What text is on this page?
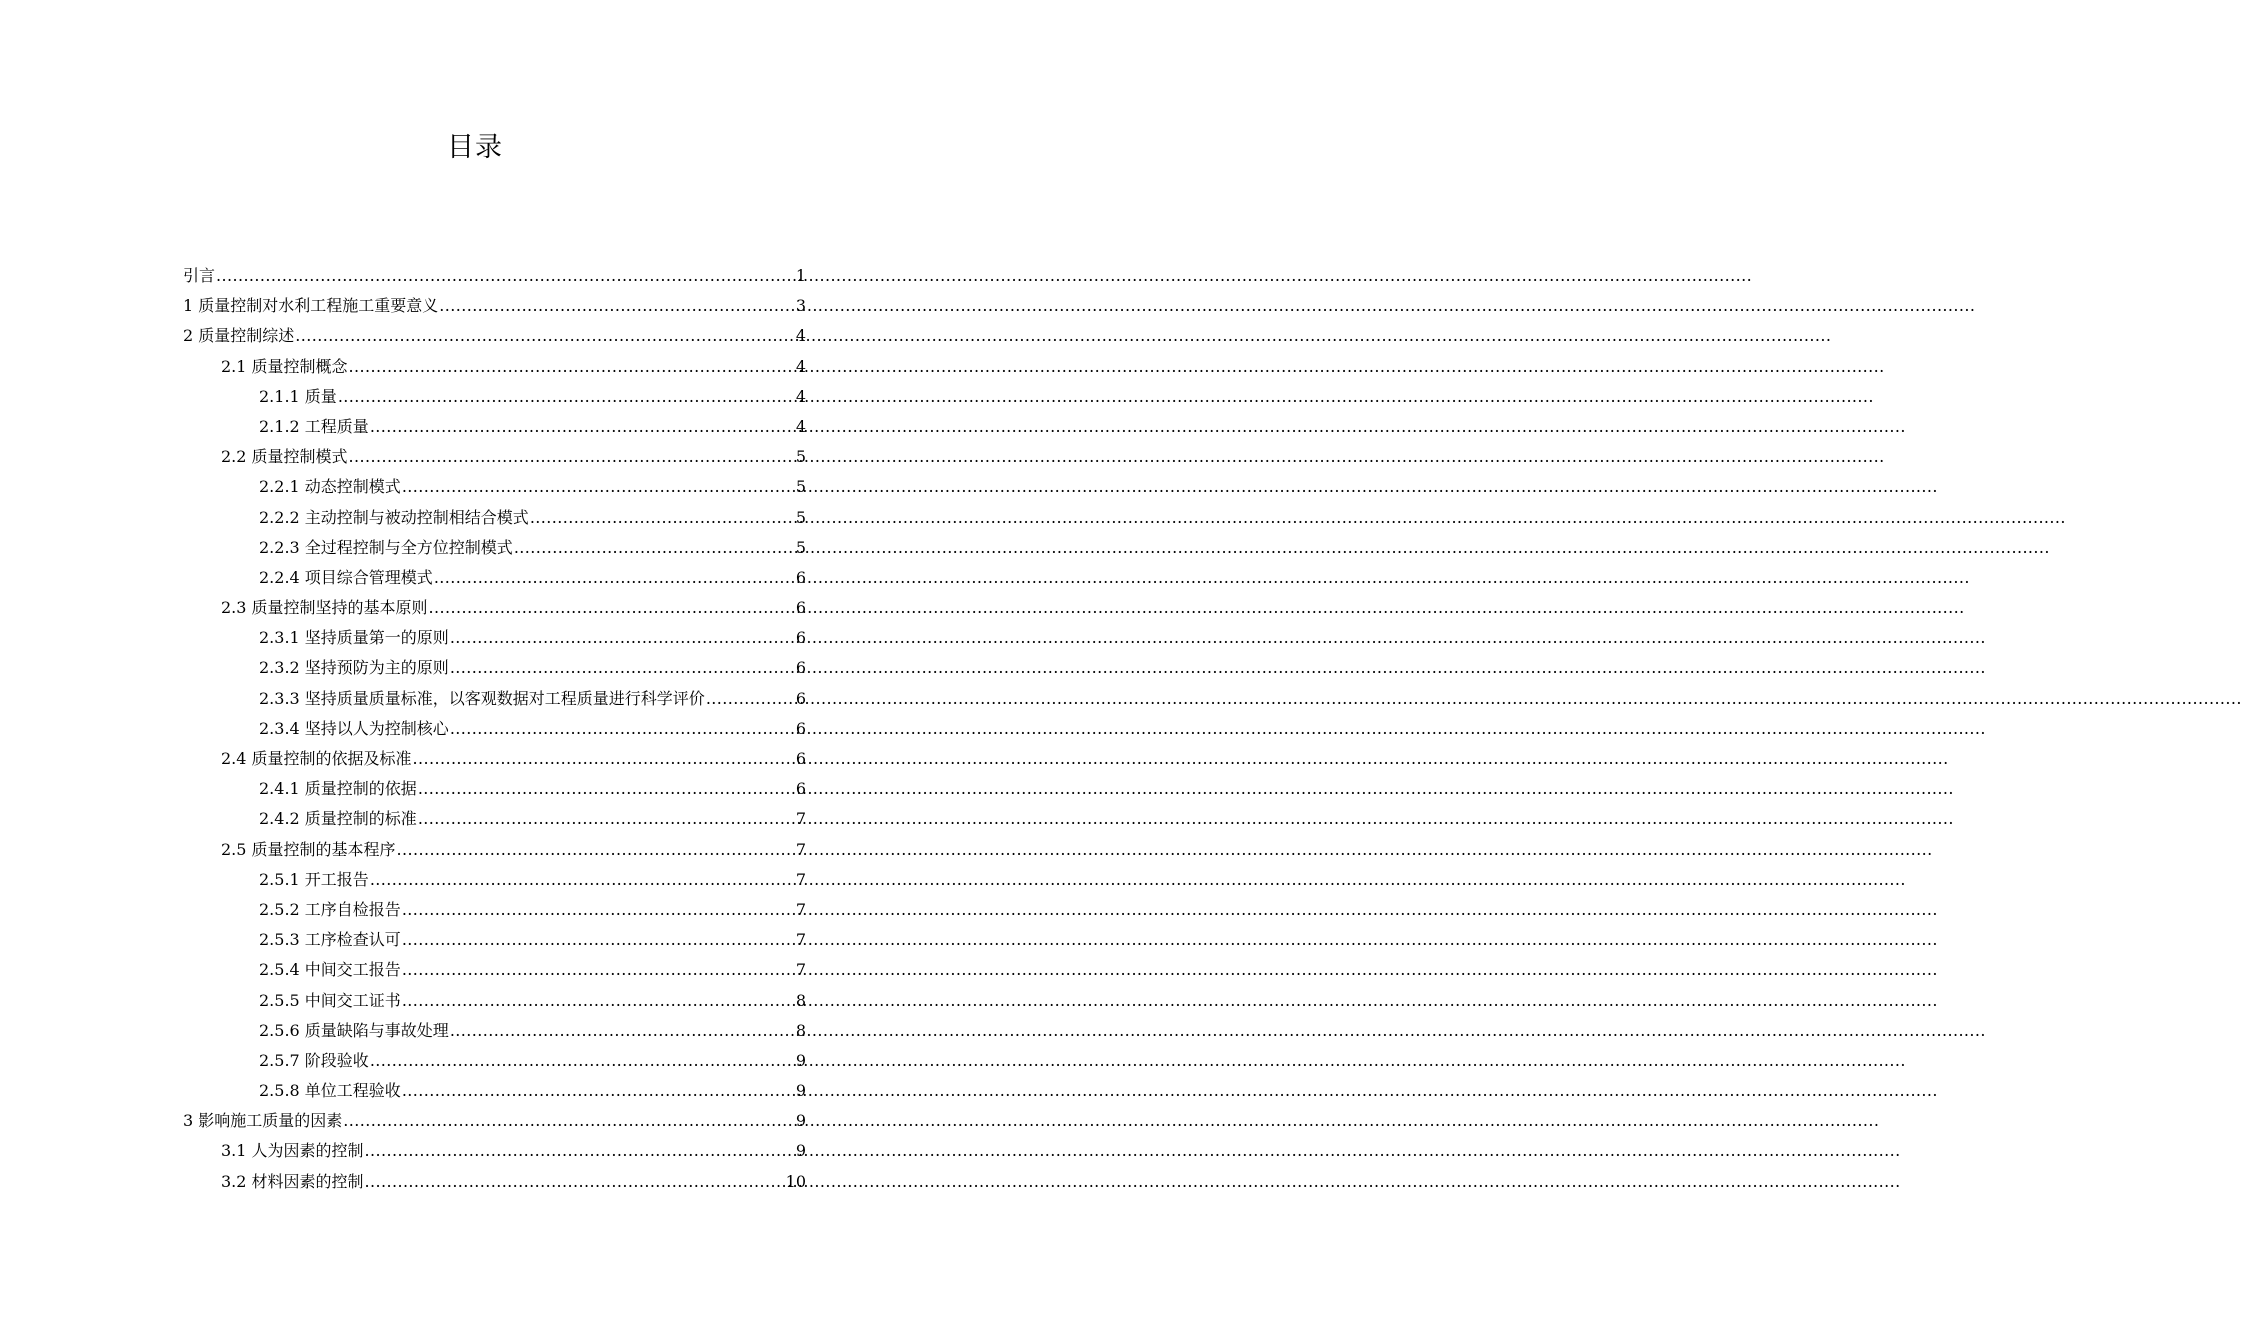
目录
引言 .....	1
1 质量控制对水利工程施工重要意义 .....	3
2 质量控制综述 .....	4
2.1 质量控制概念 .....	4
2.1.1 质量 .....	4
2.1.2 工程质量 .....	4
2.2 质量控制模式 .....	5
2.2.1 动态控制模式 .....	5
2.2.2 主动控制与被动控制相结合模式 .....	5
2.2.3 全过程控制与全方位控制模式 .....	5
2.2.4 项目综合管理模式 .....	6
2.3 质量控制坚持的基本原则 .....	6
2.3.1 坚持质量第一的原则 .....	6
2.3.2 坚持预防为主的原则 .....	6
2.3.3 坚持质量质量标准，以客观数据对工程质量进行科学评价 .....	6
2.3.4 坚持以人为控制核心 .....	6
2.4 质量控制的依据及标准 .....	6
2.4.1 质量控制的依据 .....	6
2.4.2 质量控制的标准 .....	7
2.5 质量控制的基本程序 .....	7
2.5.1 开工报告 .....	7
2.5.2 工序自检报告 .....	7
2.5.3 工序检查认可 .....	7
2.5.4 中间交工报告 .....	7
2.5.5 中间交工证书 .....	8
2.5.6 质量缺陷与事故处理 .....	8
2.5.7 阶段验收 .....	9
2.5.8 单位工程验收 .....	9
3 影响施工质量的因素 .....	9
3.1 人为因素的控制 .....	9
3.2 材料因素的控制 .....	10
